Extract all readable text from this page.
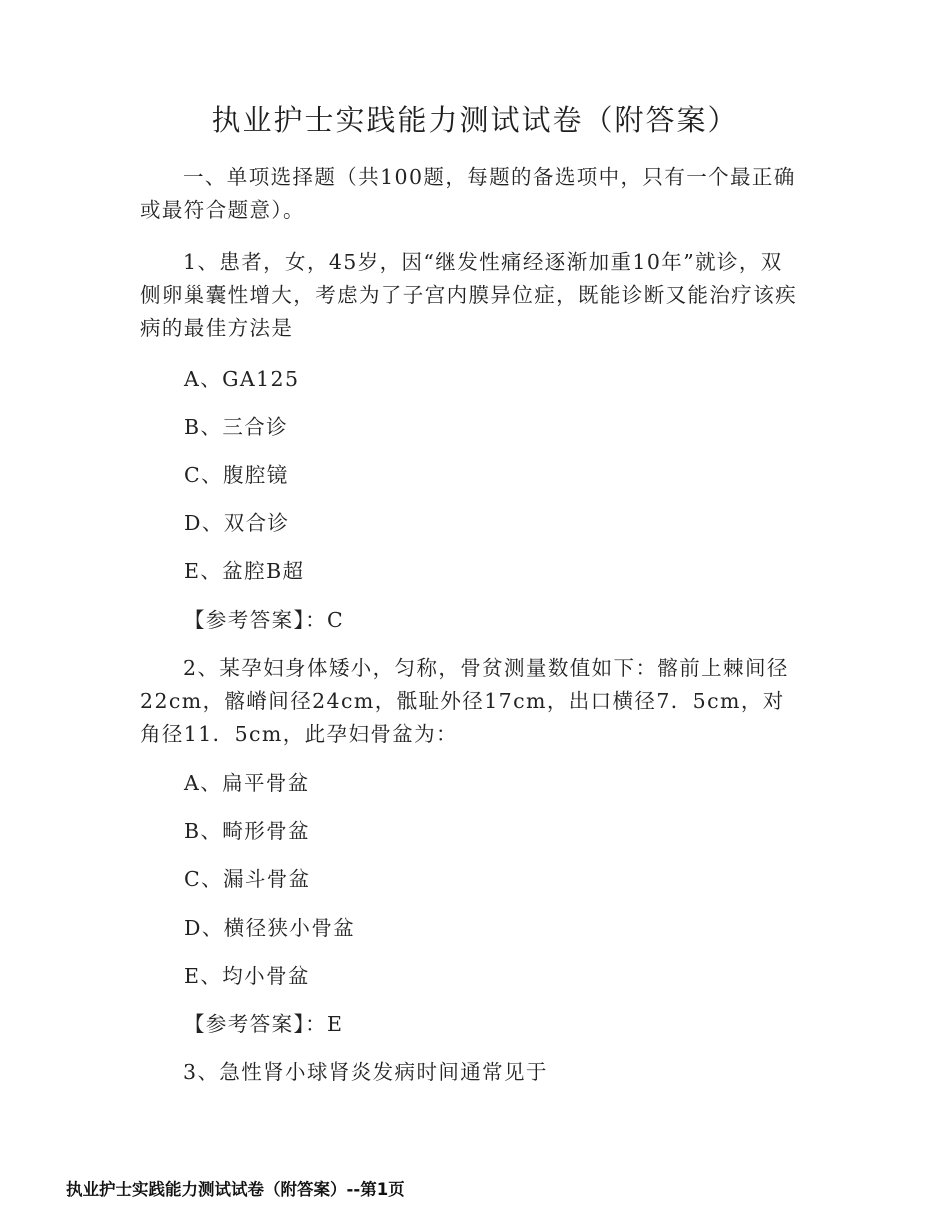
执业护士实践能力测试试卷（附答案）

一、单项选择题（共100题，每题的备选项中，只有一个最正确或最符合题意）。

1、患者，女，45岁，因“继发性痛经逐渐加重10年”就诊，双侧卵巢囊性增大，考虑为了子宫内膜异位症，既能诊断又能治疗该疾病的最佳方法是

A、GA125
B、三合诊
C、腹腔镜
D、双合诊
E、盆腔B超
【参考答案】：C

2、某孕妇身体矮小，匀称，骨贫测量数值如下：髂前上棘间径22cm，髂嵴间径24cm，骶耻外径17cm，出口横径7．5cm，对角径11．5cm，此孕妇骨盆为：

A、扁平骨盆
B、畸形骨盆
C、漏斗骨盆
D、横径狭小骨盆
E、均小骨盆
【参考答案】：E

3、急性肾小球肾炎发病时间通常见于

执业护士实践能力测试试卷（附答案）--第1页
